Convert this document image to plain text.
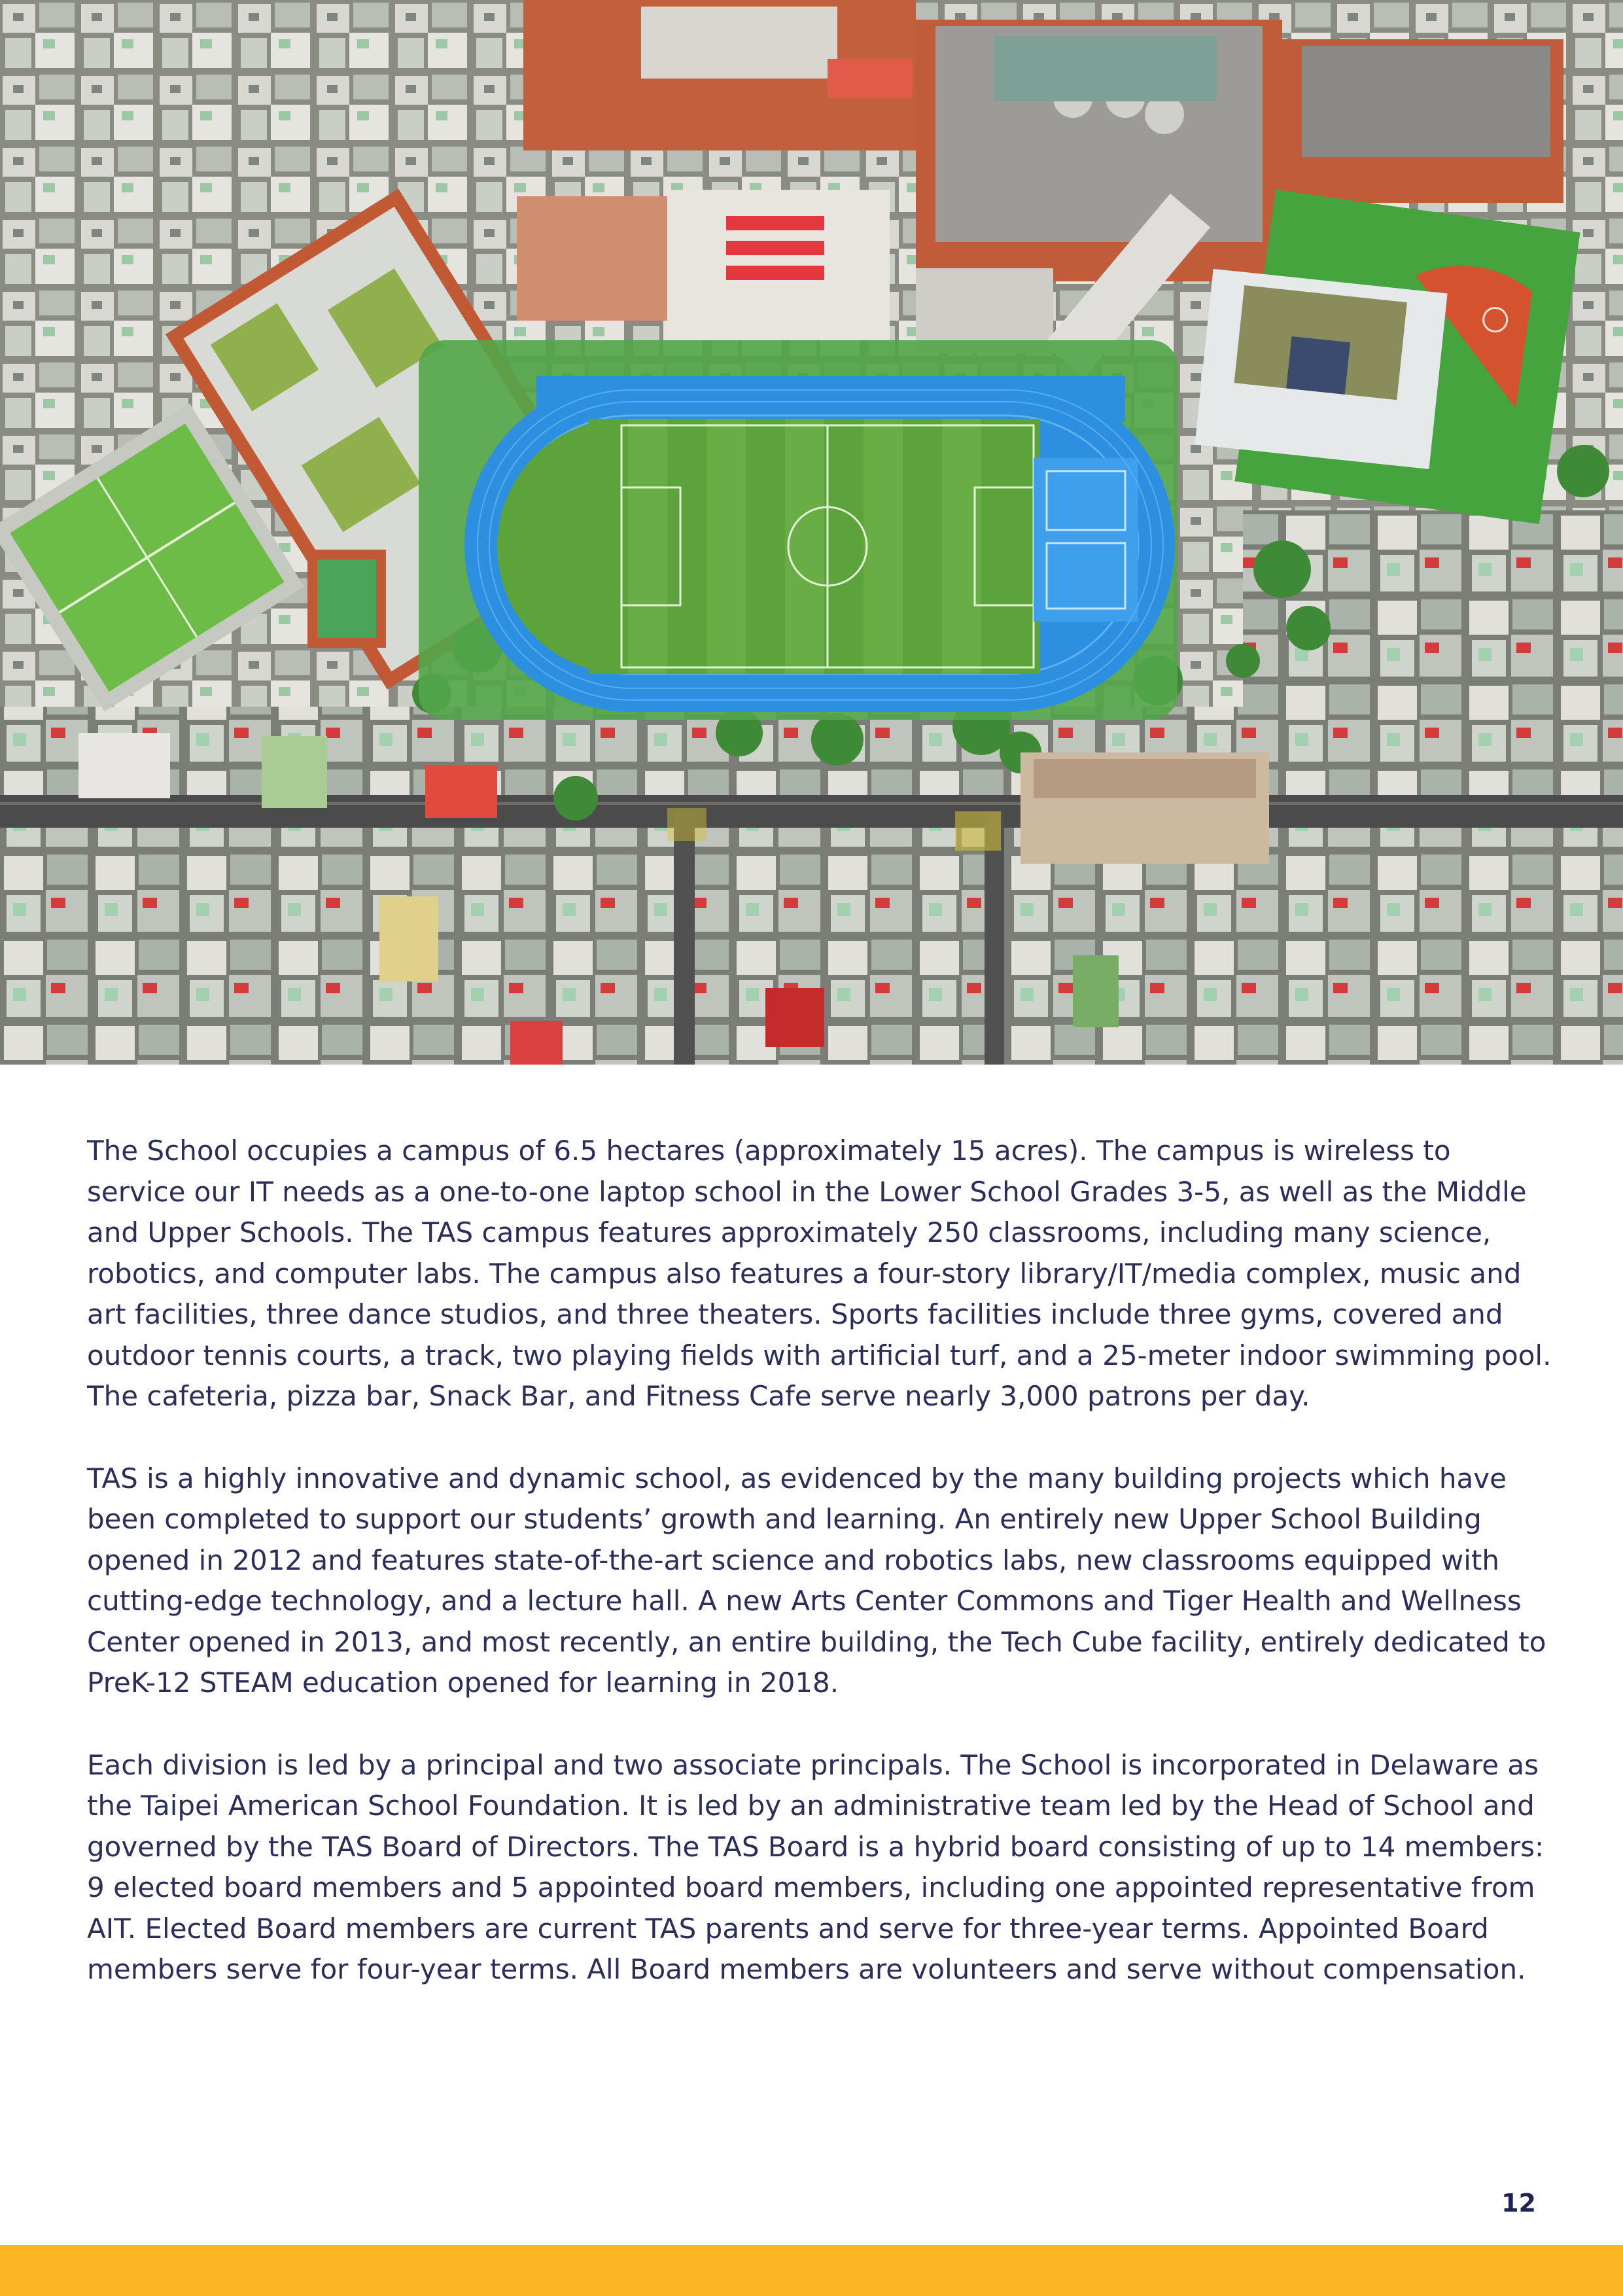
The School occupies a campus of 6.5 hectares (approximately 15 acres). The campus is wireless to service our IT needs as a one-to-one laptop school in the Lower School Grades 3-5, as well as the Middle and Upper Schools. The TAS campus features approximately 250 classrooms, including many science, robotics, and computer labs. The campus also features a four-story library/IT/media complex, music and art facilities, three dance studios, and three theaters. Sports facilities include three gyms, covered and outdoor tennis courts, a track, two playing fields with artificial turf, and a 25-meter indoor swimming pool. The cafeteria, pizza bar, Snack Bar, and Fitness Cafe serve nearly 3,000 patrons per day.

TAS is a highly innovative and dynamic school, as evidenced by the many building projects which have been completed to support our students’ growth and learning. An entirely new Upper School Building opened in 2012 and features state-of-the-art science and robotics labs, new classrooms equipped with cutting-edge technology, and a lecture hall. A new Arts Center Commons and Tiger Health and Wellness Center opened in 2013, and most recently, an entire building, the Tech Cube facility, entirely dedicated to PreK-12 STEAM education opened for learning in 2018.

Each division is led by a principal and two associate principals. The School is incorporated in Delaware as the Taipei American School Foundation. It is led by an administrative team led by the Head of School and governed by the TAS Board of Directors. The TAS Board is a hybrid board consisting of up to 14 members: 9 elected board members and 5 appointed board members, including one appointed representative from AIT. Elected Board members are current TAS parents and serve for three-year terms. Appointed Board members serve for four-year terms. All Board members are volunteers and serve without compensation.

12
